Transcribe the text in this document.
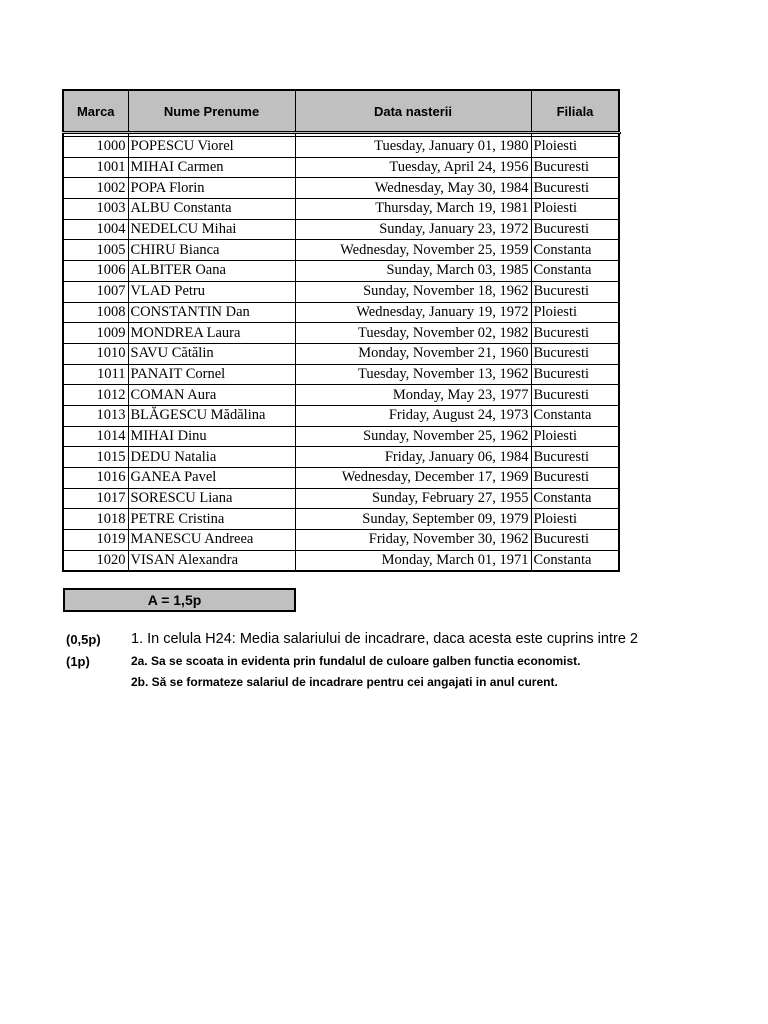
Marca	Nume Prenume	Data nasterii	Filiala	

1000	POPESCU Viorel	Tuesday, January 01, 1980	Ploiesti
1001	MIHAI Carmen	Tuesday, April 24, 1956	Bucuresti
1002	POPA Florin	Wednesday, May 30, 1984	Bucuresti
1003	ALBU Constanta	Thursday, March 19, 1981	Ploiesti
1004	NEDELCU Mihai	Sunday, January 23, 1972	Bucuresti
1005	CHIRU Bianca	Wednesday, November 25, 1959	Constanta
1006	ALBITER Oana	Sunday, March 03, 1985	Constanta
1007	VLAD Petru	Sunday, November 18, 1962	Bucuresti
1008	CONSTANTIN Dan	Wednesday, January 19, 1972	Ploiesti
1009	MONDREA Laura	Tuesday, November 02, 1982	Bucuresti
1010	SAVU Cătălin	Monday, November 21, 1960	Bucuresti
1011	PANAIT Cornel	Tuesday, November 13, 1962	Bucuresti
1012	COMAN Aura	Monday, May 23, 1977	Bucuresti
1013	BLĂGESCU Mădălina	Friday, August 24, 1973	Constanta
1014	MIHAI Dinu	Sunday, November 25, 1962	Ploiesti
1015	DEDU Natalia	Friday, January 06, 1984	Bucuresti
1016	GANEA Pavel	Wednesday, December 17, 1969	Bucuresti
1017	SORESCU Liana	Sunday, February 27, 1955	Constanta
1018	PETRE Cristina	Sunday, September 09, 1979	Ploiesti
1019	MANESCU Andreea	Friday, November 30, 1962	Bucuresti
1020	VISAN Alexandra	Monday, March 01, 1971	Constanta
A = 1,5p
(0,5p) 1. In celula H24: Media salariului de incadrare, daca acesta este cuprins intre 2
(1p)	2a. Sa se scoata in evidenta prin fundalul de culoare galben functia economist.
2b. Să se formateze salariul de incadrare pentru cei angajati in anul curent.
